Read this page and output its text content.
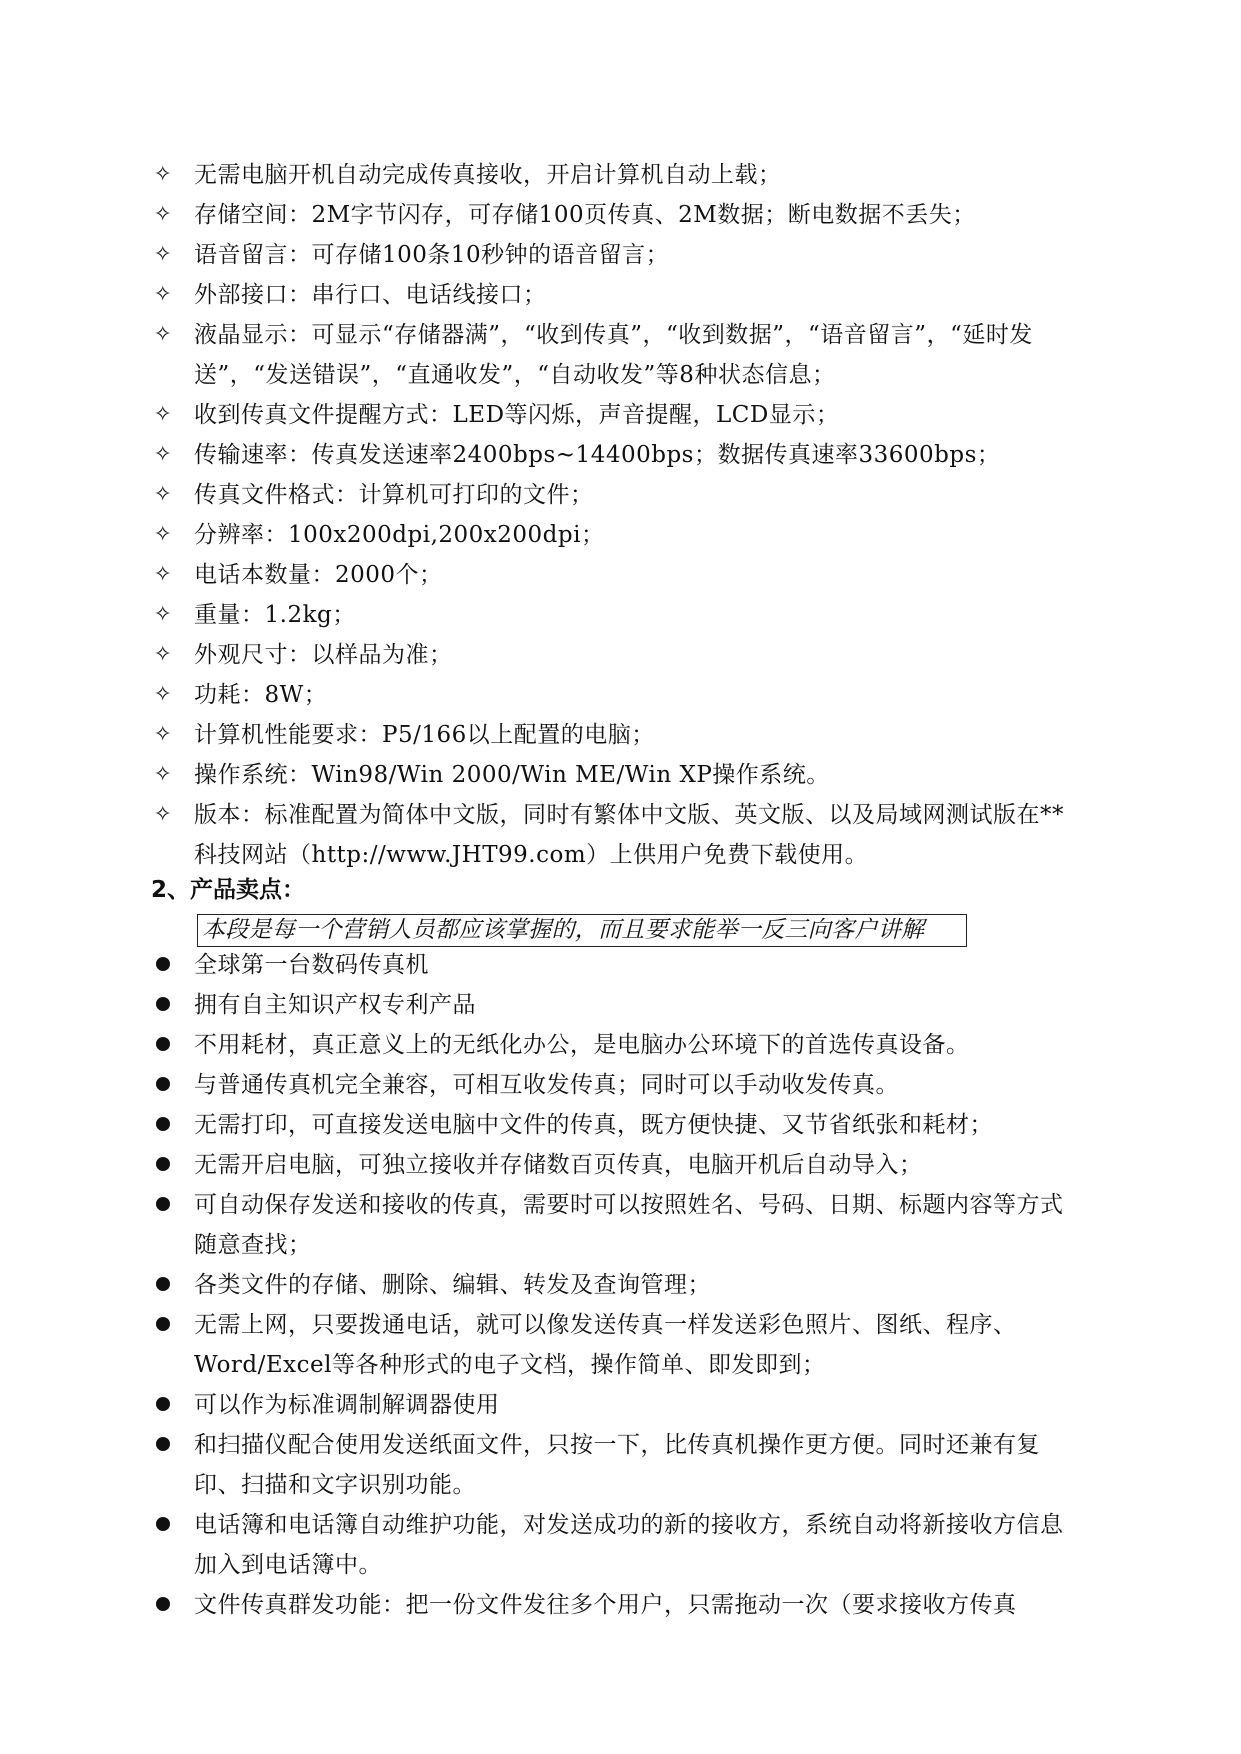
✧ 无需电脑开机自动完成传真接收，开启计算机自动上载；
✧ 存储空间：2M字节闪存，可存储100页传真、2M数据；断电数据不丢失；
✧ 语音留言：可存储100条10秒钟的语音留言；
✧ 外部接口：串行口、电话线接口；
✧ 液晶显示：可显示“存储器满”，“收到传真”，“收到数据”，“语音留言”，“延时发送”，“发送错误”，“直通收发”，“自动收发”等8种状态信息；
✧ 收到传真文件提醒方式：LED等闪烁，声音提醒，LCD显示；
✧ 传输速率：传真发送速率2400bps~14400bps；数据传真速率33600bps；
✧ 传真文件格式：计算机可打印的文件；
✧ 分辨率：100x200dpi,200x200dpi；
✧ 电话本数量：2000个；
✧ 重量：1.2kg；
✧ 外观尺寸：以样品为准；
✧ 功耗：8W；
✧ 计算机性能要求：P5/166以上配置的电脑；
✧ 操作系统：Win98/Win 2000/Win ME/Win XP操作系统。
✧ 版本：标准配置为简体中文版，同时有繁体中文版、英文版、以及局域网测试版在**科技网站（http://www.JHT99.com）上供用户免费下载使用。
2、产品卖点：
本段是每一个营销人员都应该掌握的，而且要求能举一反三向客户讲解
全球第一台数码传真机
拥有自主知识产权专利产品
不用耗材，真正意义上的无纸化办公，是电脑办公环境下的首选传真设备。
与普通传真机完全兼容，可相互收发传真；同时可以手动收发传真。
无需打印，可直接发送电脑中文件的传真，既方便快捷、又节省纸张和耗材；
无需开启电脑，可独立接收并存储数百页传真，电脑开机后自动导入；
可自动保存发送和接收的传真，需要时可以按照姓名、号码、日期、标题内容等方式随意查找；
各类文件的存储、删除、编辑、转发及查询管理；
无需上网，只要拨通电话，就可以像发送传真一样发送彩色照片、图纸、程序、Word/Excel等各种形式的电子文档，操作简单、即发即到；
可以作为标准调制解调器使用
和扫描仪配合使用发送纸面文件，只按一下，比传真机操作更方便。同时还兼有复印、扫描和文字识别功能。
电话簿和电话簿自动维护功能，对发送成功的新的接收方，系统自动将新接收方信息加入到电话簿中。
文件传真群发功能：把一份文件发往多个用户，只需拖动一次（要求接收方传真
